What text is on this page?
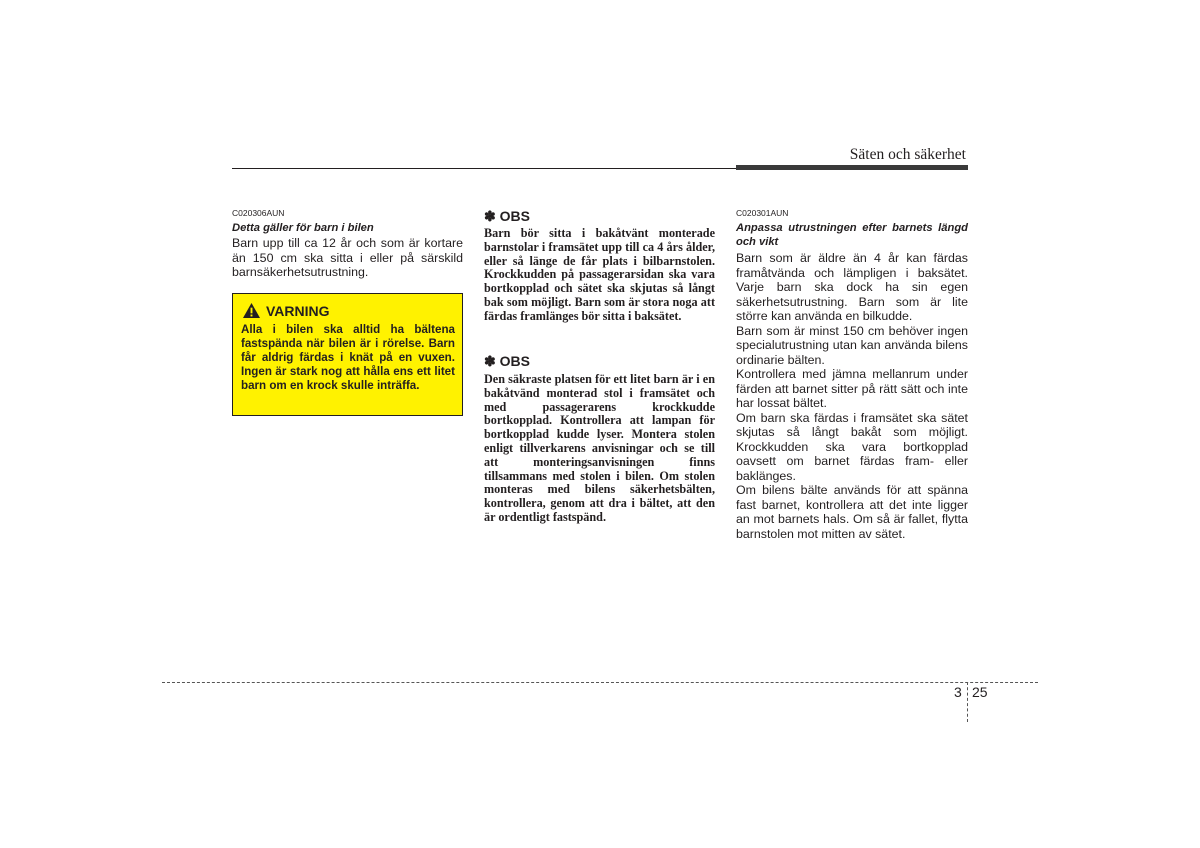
Säten och säkerhet
C020306AUN
Detta gäller för barn i bilen
Barn upp till ca 12 år och som är kortare än 150 cm ska sitta i eller på särskild barnsäkerhetsutrustning.
VARNING
Alla i bilen ska alltid ha bältena fastspända när bilen är i rörelse. Barn får aldrig färdas i knät på en vuxen. Ingen är stark nog att hålla ens ett litet barn om en krock skulle inträffa.
✽ OBS
Barn bör sitta i bakåtvänt monterade barnstolar i framsätet upp till ca 4 års ålder, eller så länge de får plats i bilbarnstolen. Krockkudden på passagerarsidan ska vara bortkopplad och sätet ska skjutas så långt bak som möjligt. Barn som är stora noga att färdas framlänges bör sitta i baksätet.
✽ OBS
Den säkraste platsen för ett litet barn är i en bakåtvänd monterad stol i framsätet och med passagerarens krockkudde bortkopplad. Kontrollera att lampan för bortkopplad kudde lyser. Montera stolen enligt tillverkarens anvisningar och se till att monteringsanvisningen finns tillsammans med stolen i bilen. Om stolen monteras med bilens säkerhetsbälten, kontrollera, genom att dra i bältet, att den är ordentligt fastspänd.
C020301AUN
Anpassa utrustningen efter barnets längd och vikt

Barn som är äldre än 4 år kan färdas framåtvända och lämpligen i baksätet. Varje barn ska dock ha sin egen säkerhetsutrustning. Barn som är lite större kan använda en bilkudde.

Barn som är minst 150 cm behöver ingen specialutrustning utan kan använda bilens ordinarie bälten.

Kontrollera med jämna mellanrum under färden att barnet sitter på rätt sätt och inte har lossat bältet.

Om barn ska färdas i framsätet ska sätet skjutas så långt bakåt som möjligt. Krockkudden ska vara bortkopplad oavsett om barnet färdas fram- eller baklänges.

Om bilens bälte används för att spänna fast barnet, kontrollera att det inte ligger an mot barnets hals. Om så är fallet, flytta barnstolen mot mitten av sätet.

3 25
